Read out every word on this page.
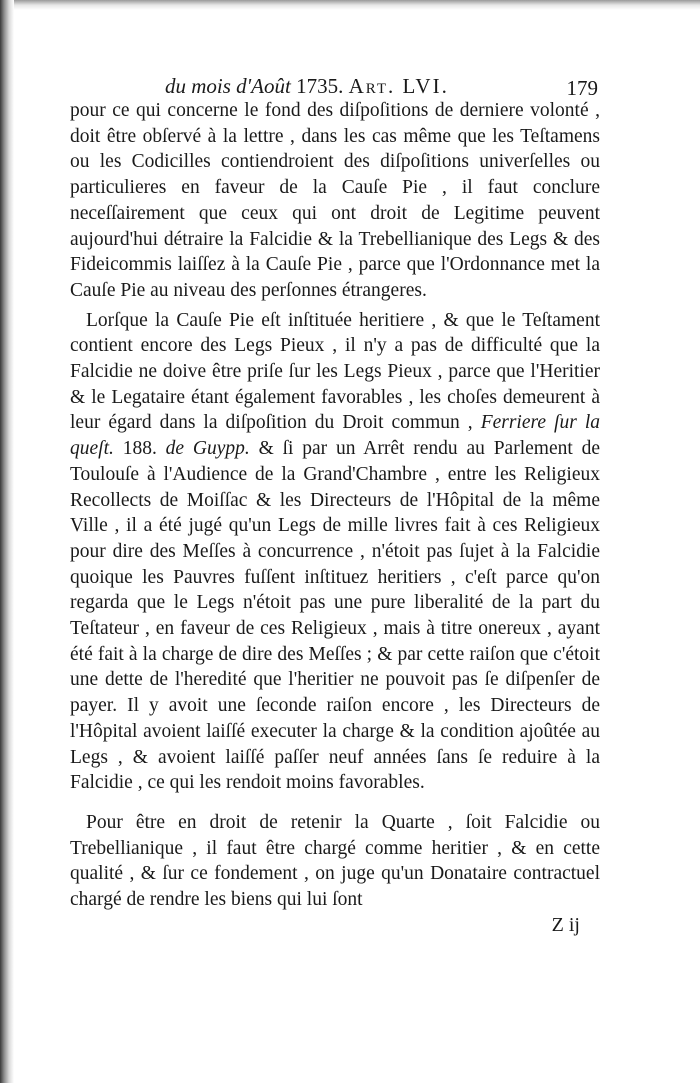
du mois d'Août 1735. Art. LVI.	179

pour ce qui concerne le fond des diſpoſitions de derniere volonté , doit être obſervé à la lettre , dans les cas même que les Teſtamens ou les Codicilles contiendroient des diſpoſitions univerſelles ou particulieres en faveur de la Cauſe Pie , il faut conclure neceſſairement que ceux qui ont droit de Legitime peuvent aujourd'hui détraire la Falcidie & la Trebellianique des Legs & des Fideicommis laiſſez à la Cauſe Pie , parce que l'Ordonnance met la Cauſe Pie au niveau des perſonnes étrangeres.

Lorſque la Cauſe Pie eſt inſtituée heritiere , & que le Teſtament contient encore des Legs Pieux , il n'y a pas de difficulté que la Falcidie ne doive être priſe ſur les Legs Pieux , parce que l'Heritier & le Legataire étant également favorables , les choſes demeurent à leur égard dans la diſpoſition du Droit commun , Ferriere ſur la queſt. 188. de Guypp. & ſi par un Arrêt rendu au Parlement de Toulouſe à l'Audience de la Grand'Chambre , entre les Religieux Recollects de Moiſſac & les Directeurs de l'Hôpital de la même Ville , il a été jugé qu'un Legs de mille livres fait à ces Religieux pour dire des Meſſes à concurrence , n'étoit pas ſujet à la Falcidie quoique les Pauvres fuſſent inſtituez heritiers , c'eſt parce qu'on regarda que le Legs n'étoit pas une pure liberalité de la part du Teſtateur , en faveur de ces Religieux , mais à titre onereux , ayant été fait à la charge de dire des Meſſes ; & par cette raiſon que c'étoit une dette de l'heredité que l'heritier ne pouvoit pas ſe diſpenſer de payer. Il y avoit une ſeconde raiſon encore , les Directeurs de l'Hôpital avoient laiſſé executer la charge & la condition ajoûtée au Legs , & avoient laiſſé paſſer neuf années ſans ſe reduire à la Falcidie , ce qui les rendoit moins favorables.

Pour être en droit de retenir la Quarte , ſoit Falcidie ou Trebellianique , il faut être chargé comme heritier , & en cette qualité , & ſur ce fondement , on juge qu'un Donataire contractuel chargé de rendre les biens qui lui ſont

Z ij
